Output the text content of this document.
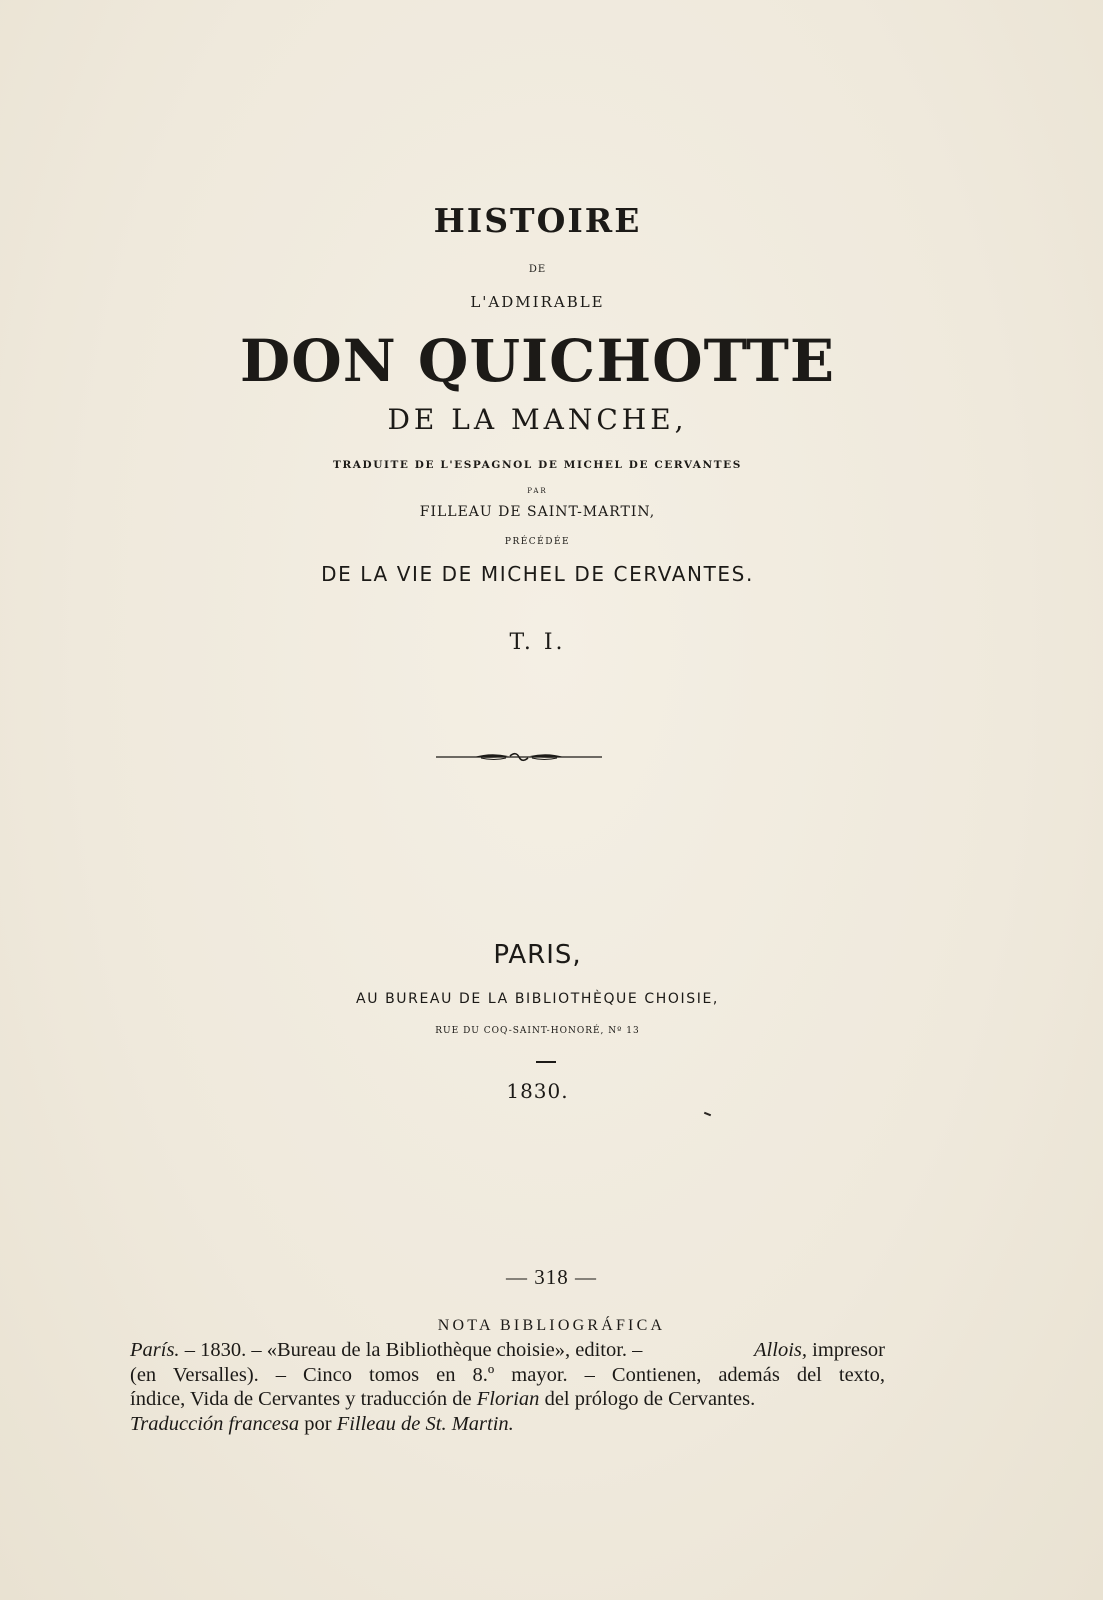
HISTOIRE
DE
L'ADMIRABLE
DON QUICHOTTE
DE LA MANCHE,
TRADUITE DE L'ESPAGNOL DE MICHEL DE CERVANTES
PAR
FILLEAU DE SAINT-MARTIN,
PRÉCÉDÉE
DE LA VIE DE MICHEL DE CERVANTES.
T. I.
PARIS,
AU BUREAU DE LA BIBLIOTHÈQUE CHOISIE,
RUE DU COQ-SAINT-HONORÉ, Nº 13
1830.
— 318 —
NOTA BIBLIOGRÁFICA
París. – 1830. – «Bureau de la Bibliothèque choisie», editor. –	Allois, impresor
(en Versalles). – Cinco tomos en 8.º mayor. – Contienen, además del texto,
índice, Vida de Cervantes y traducción de Florian del prólogo de Cervantes.
Traducción francesa por Filleau de St. Martin.
